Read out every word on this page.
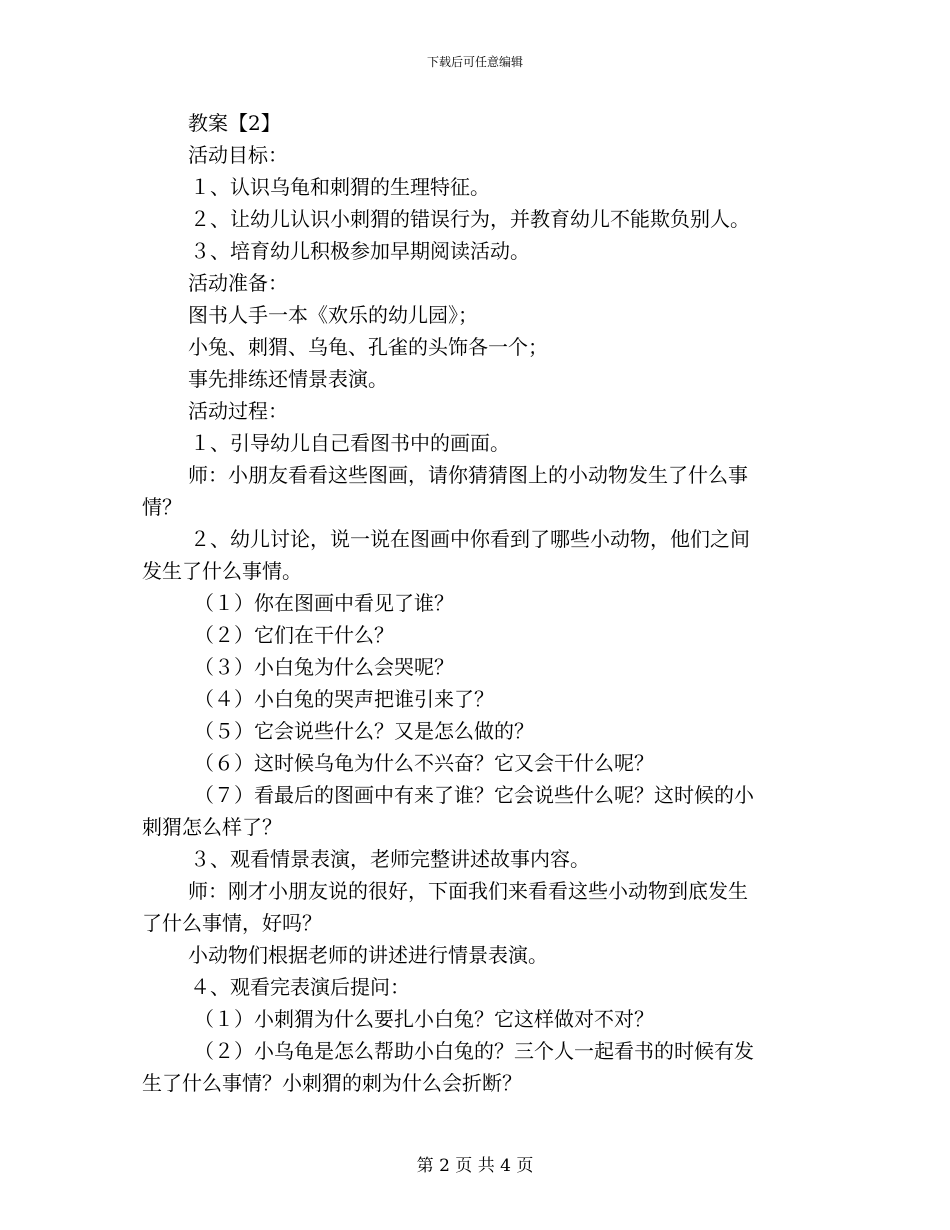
下载后可任意编辑
教案【2】
活动目标：
１、认识乌龟和刺猬的生理特征。
２、让幼儿认识小刺猬的错误行为，并教育幼儿不能欺负别人。
３、培育幼儿积极参加早期阅读活动。
活动准备：
图书人手一本《欢乐的幼儿园》；
小兔、刺猬、乌龟、孔雀的头饰各一个；
事先排练还情景表演。
活动过程：
１、引导幼儿自己看图书中的画面。
师：小朋友看看这些图画，请你猜猜图上的小动物发生了什么事
情？
２、幼儿讨论，说一说在图画中你看到了哪些小动物，他们之间
发生了什么事情。
（１）你在图画中看见了谁？
（２）它们在干什么？
（３）小白兔为什么会哭呢？
（４）小白兔的哭声把谁引来了？
（５）它会说些什么？又是怎么做的？
（６）这时候乌龟为什么不兴奋？它又会干什么呢？
（７）看最后的图画中有来了谁？它会说些什么呢？这时候的小
刺猬怎么样了？
３、观看情景表演，老师完整讲述故事内容。
师：刚才小朋友说的很好，下面我们来看看这些小动物到底发生
了什么事情，好吗？
小动物们根据老师的讲述进行情景表演。
４、观看完表演后提问：
（１）小刺猬为什么要扎小白兔？它这样做对不对？
（２）小乌龟是怎么帮助小白兔的？三个人一起看书的时候有发
生了什么事情？小刺猬的刺为什么会折断？
第 2 页 共 4 页
